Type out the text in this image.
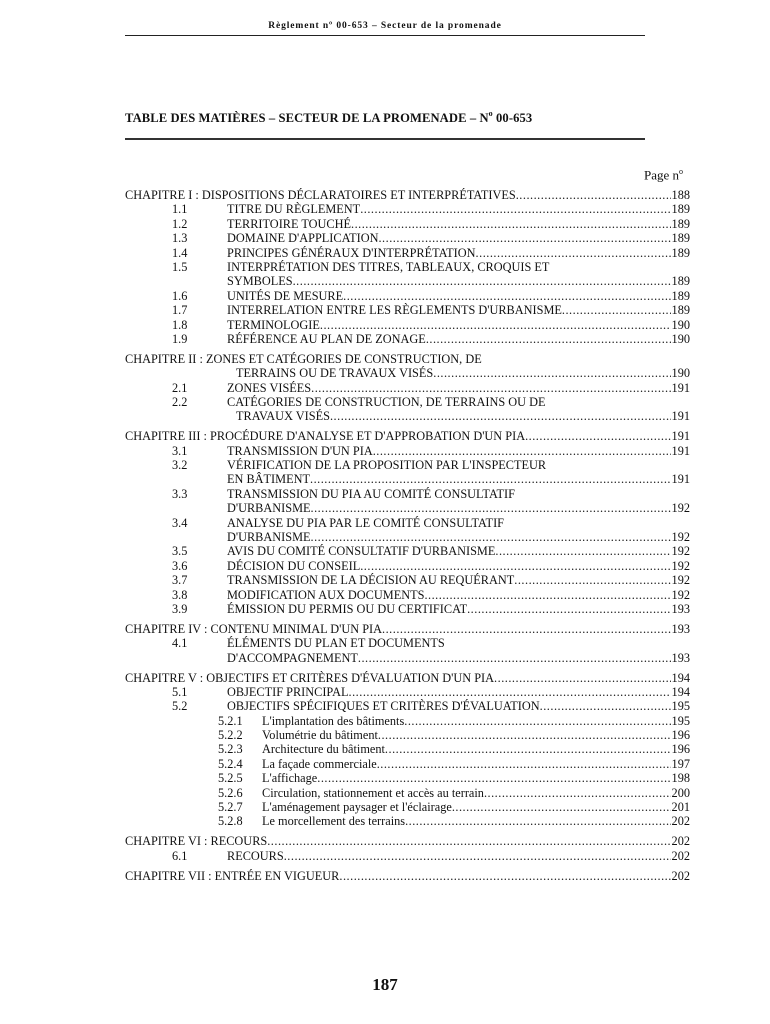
Règlement nº 00-653 – Secteur de la promenade
TABLE DES MATIÈRES – SECTEUR DE LA PROMENADE – $N^o$ 00-653
Page $n^o$
CHAPITRE I : DISPOSITIONS DÉCLARATOIRES ET INTERPRÉTATIVES .....	188
1.1	TITRE DU RÈGLEMENT .....	189
1.2	TERRITOIRE TOUCHÉ .....	189
1.3	DOMAINE D'APPLICATION .....	189
1.4	PRINCIPES GÉNÉRAUX D'INTERPRÉTATION .....	189
1.5	INTERPRÉTATION DES TITRES, TABLEAUX, CROQUIS ET
SYMBOLES .....	189
1.6	UNITÉS DE MESURE .....	189
1.7	INTERRELATION ENTRE LES RÈGLEMENTS D'URBANISME .....	189
1.8	TERMINOLOGIE .....	190
1.9	RÉFÉRENCE AU PLAN DE ZONAGE .....	190
CHAPITRE II : ZONES ET CATÉGORIES DE CONSTRUCTION, DE
TERRAINS OU DE TRAVAUX VISÉS .....	190
2.1	ZONES VISÉES .....	191
2.2	CATÉGORIES DE CONSTRUCTION, DE TERRAINS OU DE
TRAVAUX VISÉS .....	191
CHAPITRE III : PROCÉDURE D'ANALYSE ET D'APPROBATION D'UN PIA .....	191
3.1	TRANSMISSION D'UN PIA .....	191
3.2	VÉRIFICATION DE LA PROPOSITION PAR L'INSPECTEUR
EN BÂTIMENT .....	191
3.3	TRANSMISSION DU PIA AU COMITÉ CONSULTATIF
D'URBANISME .....	192
3.4	ANALYSE DU PIA PAR LE COMITÉ CONSULTATIF
D'URBANISME .....	192
3.5	AVIS DU COMITÉ CONSULTATIF D'URBANISME .....	192
3.6	DÉCISION DU CONSEIL .....	192
3.7	TRANSMISSION DE LA DÉCISION AU REQUÉRANT .....	192
3.8	MODIFICATION AUX DOCUMENTS .....	192
3.9	ÉMISSION DU PERMIS OU DU CERTIFICAT .....	193
CHAPITRE IV : CONTENU MINIMAL D'UN PIA .....	193
4.1	ÉLÉMENTS DU PLAN ET DOCUMENTS
D'ACCOMPAGNEMENT .....	193
CHAPITRE V : OBJECTIFS ET CRITÈRES D'ÉVALUATION D'UN PIA .....	194
5.1	OBJECTIF PRINCIPAL .....	194
5.2	OBJECTIFS SPÉCIFIQUES ET CRITÈRES D'ÉVALUATION .....	195
5.2.1 L'implantation des bâtiments .....	195
5.2.2 Volumétrie du bâtiment .....	196
5.2.3 Architecture du bâtiment .....	196
5.2.4 La façade commerciale .....	197
5.2.5 L'affichage .....	198
5.2.6 Circulation, stationnement et accès au terrain .....	200
5.2.7 L'aménagement paysager et l'éclairage .....	201
5.2.8 Le morcellement des terrains .....	202
CHAPITRE VI : RECOURS .....	202
6.1	RECOURS .....	202
CHAPITRE VII : ENTRÉE EN VIGUEUR .....	202
187
